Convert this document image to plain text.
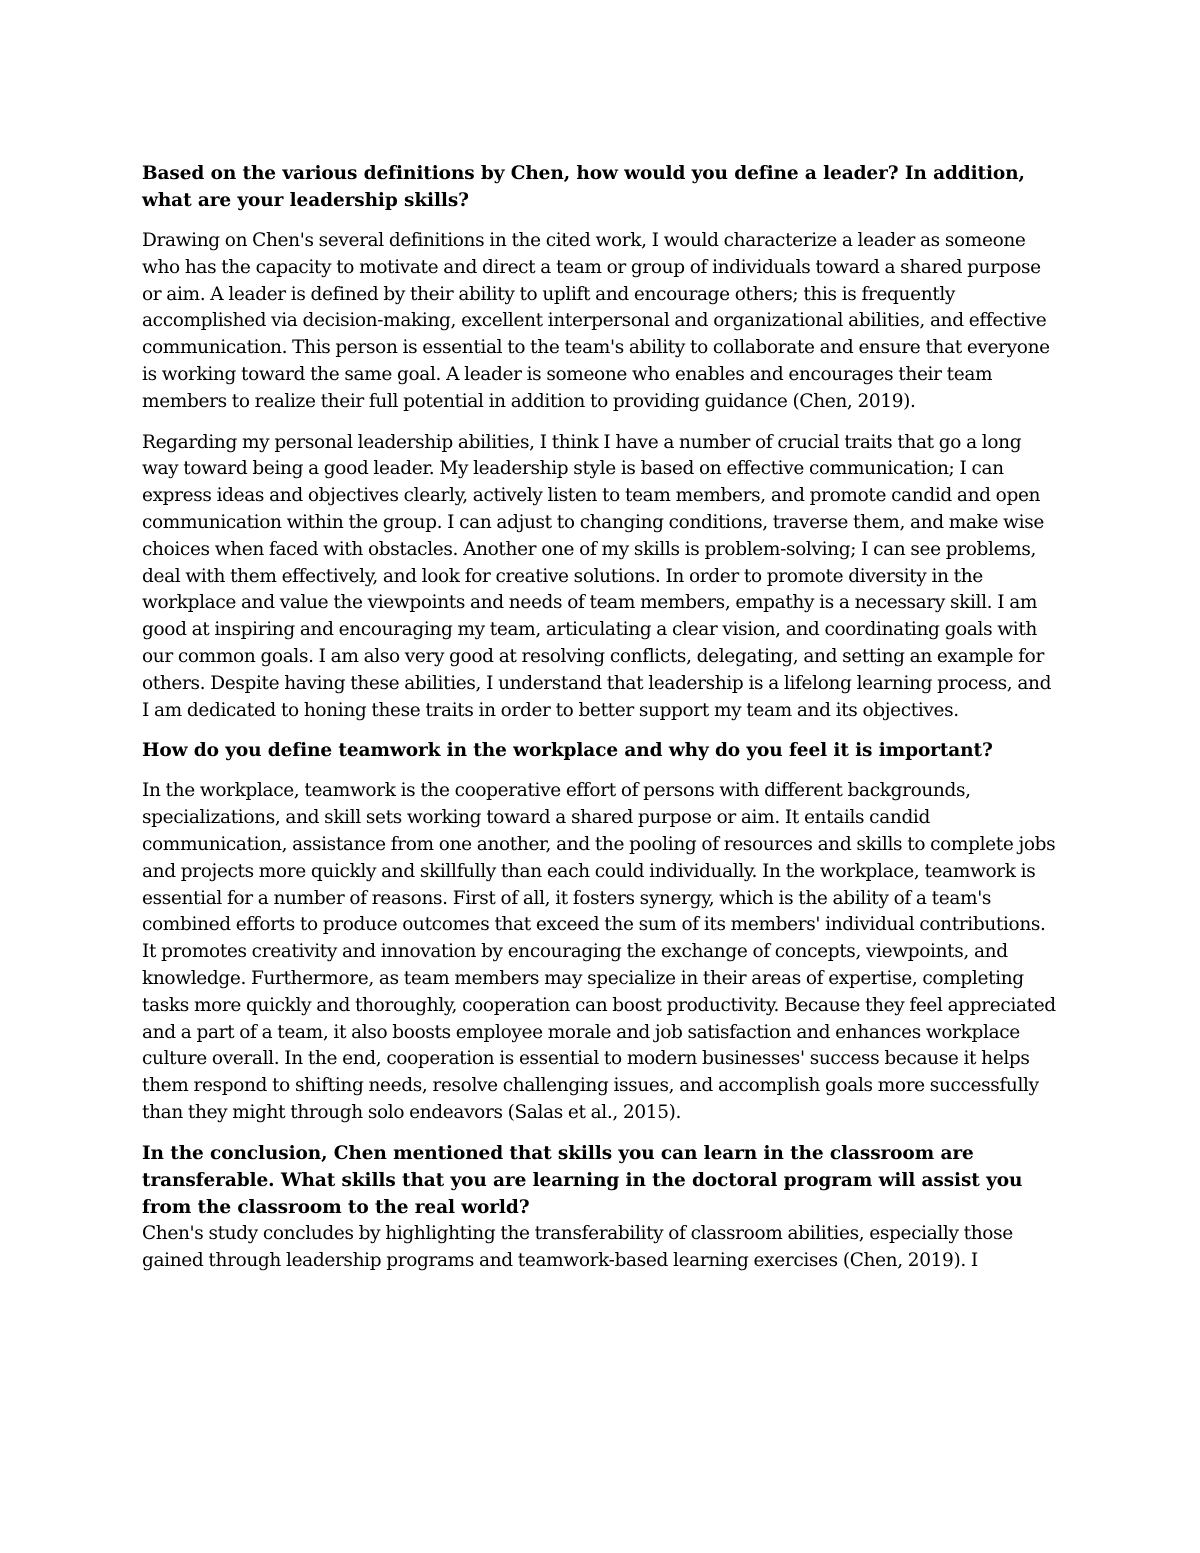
Based on the various definitions by Chen, how would you define a leader? In addition, what are your leadership skills?

Drawing on Chen's several definitions in the cited work, I would characterize a leader as someone who has the capacity to motivate and direct a team or group of individuals toward a shared purpose or aim. A leader is defined by their ability to uplift and encourage others; this is frequently accomplished via decision-making, excellent interpersonal and organizational abilities, and effective communication. This person is essential to the team's ability to collaborate and ensure that everyone is working toward the same goal. A leader is someone who enables and encourages their team members to realize their full potential in addition to providing guidance (Chen, 2019).

Regarding my personal leadership abilities, I think I have a number of crucial traits that go a long way toward being a good leader. My leadership style is based on effective communication; I can express ideas and objectives clearly, actively listen to team members, and promote candid and open communication within the group. I can adjust to changing conditions, traverse them, and make wise choices when faced with obstacles. Another one of my skills is problem-solving; I can see problems, deal with them effectively, and look for creative solutions. In order to promote diversity in the workplace and value the viewpoints and needs of team members, empathy is a necessary skill. I am good at inspiring and encouraging my team, articulating a clear vision, and coordinating goals with our common goals. I am also very good at resolving conflicts, delegating, and setting an example for others. Despite having these abilities, I understand that leadership is a lifelong learning process, and I am dedicated to honing these traits in order to better support my team and its objectives.

How do you define teamwork in the workplace and why do you feel it is important?

In the workplace, teamwork is the cooperative effort of persons with different backgrounds, specializations, and skill sets working toward a shared purpose or aim. It entails candid communication, assistance from one another, and the pooling of resources and skills to complete jobs and projects more quickly and skillfully than each could individually. In the workplace, teamwork is essential for a number of reasons. First of all, it fosters synergy, which is the ability of a team's combined efforts to produce outcomes that exceed the sum of its members' individual contributions. It promotes creativity and innovation by encouraging the exchange of concepts, viewpoints, and knowledge. Furthermore, as team members may specialize in their areas of expertise, completing tasks more quickly and thoroughly, cooperation can boost productivity. Because they feel appreciated and a part of a team, it also boosts employee morale and job satisfaction and enhances workplace culture overall. In the end, cooperation is essential to modern businesses' success because it helps them respond to shifting needs, resolve challenging issues, and accomplish goals more successfully than they might through solo endeavors (Salas et al., 2015).

In the conclusion, Chen mentioned that skills you can learn in the classroom are transferable. What skills that you are learning in the doctoral program will assist you from the classroom to the real world?

Chen's study concludes by highlighting the transferability of classroom abilities, especially those gained through leadership programs and teamwork-based learning exercises (Chen, 2019). I
